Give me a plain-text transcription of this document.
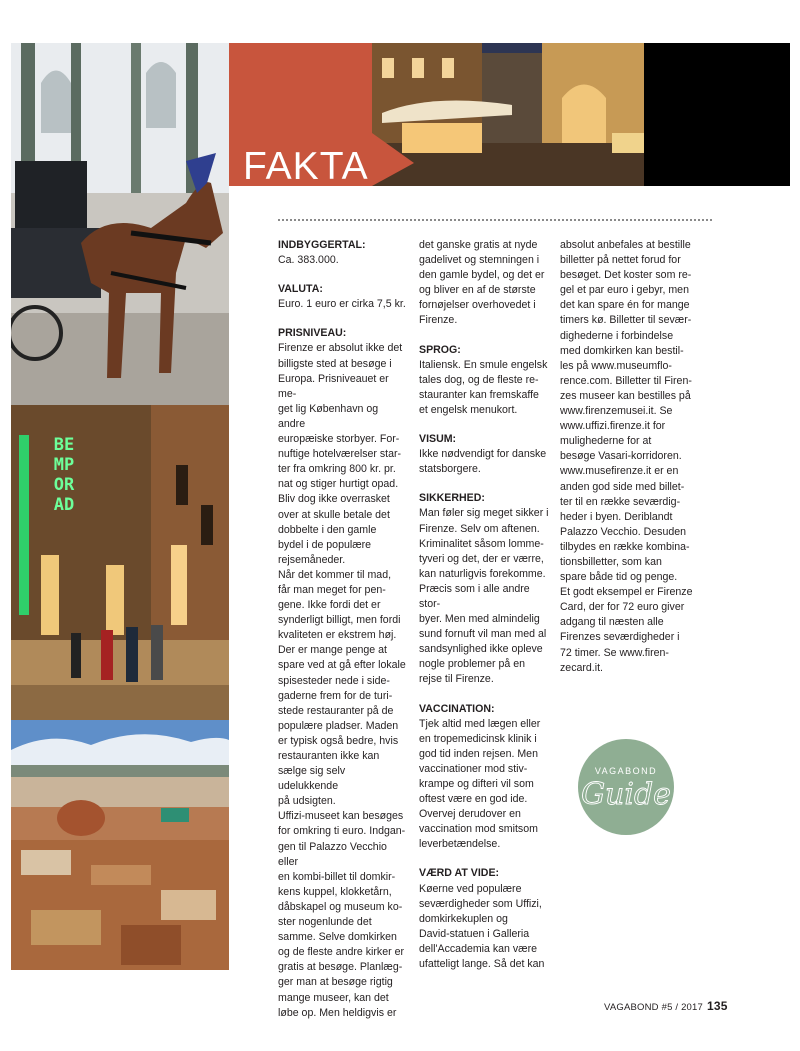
BEMPORAD
FAKTA

INDBYGGERTAL:

Ca. 383.000.

VALUTA:

Euro. 1 euro er cirka 7,5 kr.

PRISNIVEAU:

Firenze er absolut ikke det
billigste sted at besøge i
Europa. Prisniveauet er me-
get lig København og andre
europæiske storbyer. For-
nuftige hotelværelser star-
ter fra omkring 800 kr. pr.
nat og stiger hurtigt opad.
Bliv dog ikke overrasket
over at skulle betale det
dobbelte i den gamle
bydel i de populære
rejsemåneder.
Når det kommer til mad,
får man meget for pen-
gene. Ikke fordi det er
synderligt billigt, men fordi
kvaliteten er ekstrem høj.
Der er mange penge at
spare ved at gå efter lokale
spisesteder nede i side-
gaderne frem for de turi-
stede restauranter på de
populære pladser. Maden
er typisk også bedre, hvis
restauranten ikke kan
sælge sig selv udelukkende
på udsigten.
Uffizi-museet kan besøges
for omkring ti euro. Indgan-
gen til Palazzo Vecchio eller
en kombi-billet til domkir-
kens kuppel, klokketårn,
dåbskapel og museum ko-
ster nogenlunde det
samme. Selve domkirken
og de fleste andre kirker er
gratis at besøge. Planlæg-
ger man at besøge rigtig
mange museer, kan det
løbe op. Men heldigvis er
det ganske gratis at nyde
gadelivet og stemningen i
den gamle bydel, og det er
og bliver en af de største
fornøjelser overhovedet i
Firenze.

SPROG:

Italiensk. En smule engelsk
tales dog, og de fleste re-
stauranter kan fremskaffe
et engelsk menukort.

VISUM:

Ikke nødvendigt for danske
statsborgere.

SIKKERHED:

Man føler sig meget sikker i
Firenze. Selv om aftenen.
Kriminalitet såsom lomme-
tyveri og det, der er værre,
kan naturligvis forekomme.
Præcis som i alle andre stor-
byer. Men med almindelig
sund fornuft vil man med al
sandsynlighed ikke opleve
nogle problemer på en
rejse til Firenze.

VACCINATION:

Tjek altid med lægen eller
en tropemedicinsk klinik i
god tid inden rejsen. Men
vaccinationer mod stiv-
krampe og difteri vil som
oftest være en god ide.
Overvej derudover en
vaccination mod smitsom
leverbetændelse.

VÆRD AT VIDE:

Køerne ved populære
seværdigheder som Uffizi,
domkirkekuplen og
David-statuen i Galleria
dell'Accademia kan være
ufatteligt lange. Så det kan
absolut anbefales at bestille
billetter på nettet forud for
besøget. Det koster som re-
gel et par euro i gebyr, men
det kan spare én for mange
timers kø. Billetter til sevær-
dighederne i forbindelse
med domkirken kan bestil-
les på www.museumflo-
rence.com. Billetter til Firen-
zes museer kan bestilles på
www.firenzemusei.it. Se
www.uffizi.firenze.it for
mulighederne for at
besøge Vasari-korridoren.
www.musefirenze.it er en
anden god side med billet-
ter til en række seværdig-
heder i byen. Deriblandt
Palazzo Vecchio. Desuden
tilbydes en række kombina-
tionsbilletter, som kan
spare både tid og penge.
Et godt eksempel er Firenze
Card, der for 72 euro giver
adgang til næsten alle
Firenzes seværdigheder i
72 timer. Se www.firen-
zecard.it.
VAGABOND
Guide
VAGABOND #5 / 2017 135
